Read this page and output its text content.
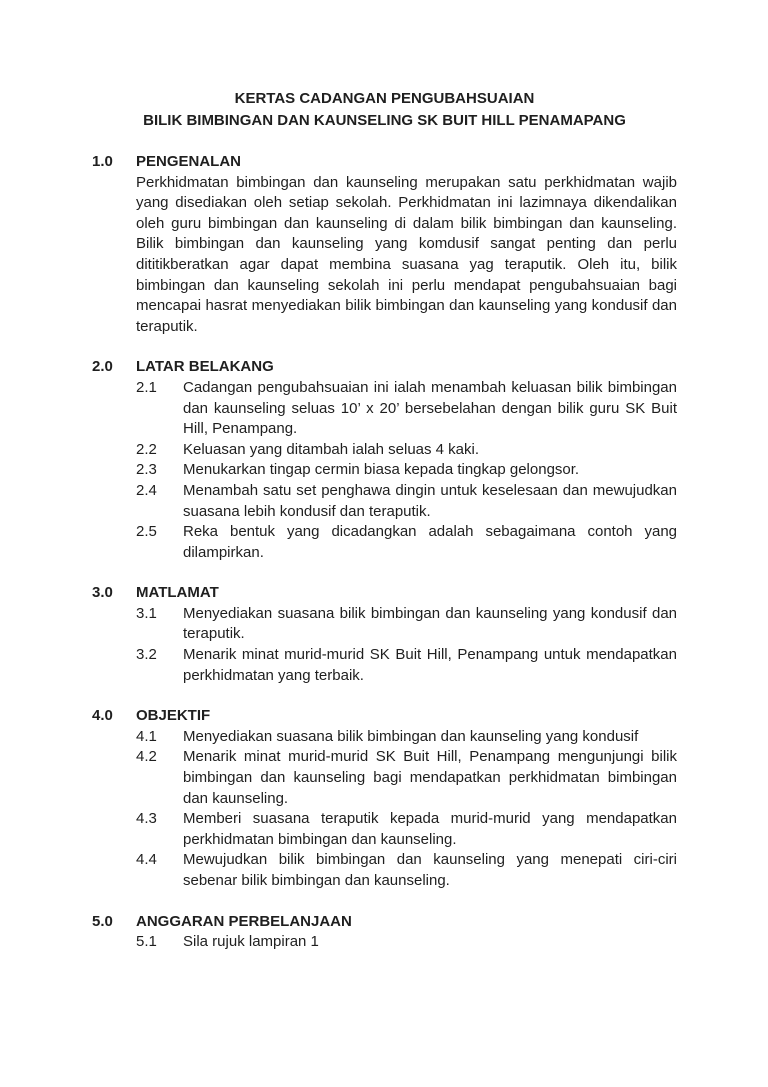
KERTAS CADANGAN PENGUBAHSUAIAN
BILIK BIMBINGAN DAN KAUNSELING SK BUIT HILL PENAMAPANG
1.0	PENGENALAN

Perkhidmatan bimbingan dan kaunseling merupakan satu perkhidmatan wajib yang disediakan oleh setiap sekolah. Perkhidmatan ini lazimnaya dikendalikan oleh guru bimbingan dan kaunseling di dalam bilik bimbingan dan kaunseling. Bilik bimbingan dan kaunseling yang komdusif sangat penting dan perlu dititikberatkan agar dapat membina suasana yag teraputik. Oleh itu, bilik bimbingan dan kaunseling sekolah ini perlu mendapat pengubahsuaian bagi mencapai hasrat menyediakan bilik bimbingan dan kaunseling yang kondusif dan teraputik.

2.0	LATAR BELAKANG
2.1	Cadangan pengubahsuaian ini ialah menambah keluasan bilik bimbingan dan kaunseling seluas 10’ x 20’ bersebelahan dengan bilik guru SK Buit Hill, Penampang.

2.2	Keluasan yang ditambah ialah seluas 4 kaki.

2.3	Menukarkan tingap cermin biasa kepada tingkap gelongsor.

2.4	Menambah satu set penghawa dingin untuk keselesaan dan mewujudkan suasana lebih kondusif dan teraputik.

2.5	Reka bentuk yang dicadangkan adalah sebagaimana contoh yang dilampirkan.

3.0	MATLAMAT
3.1	Menyediakan suasana bilik bimbingan dan kaunseling yang kondusif dan teraputik.

3.2	Menarik minat murid-murid SK Buit Hill, Penampang untuk mendapatkan perkhidmatan yang terbaik.

4.0	OBJEKTIF
4.1	Menyediakan suasana bilik bimbingan dan kaunseling yang kondusif

4.2	Menarik minat murid-murid SK Buit Hill, Penampang mengunjungi bilik bimbingan dan kaunseling bagi mendapatkan perkhidmatan bimbingan dan kaunseling.

4.3	Memberi suasana teraputik kepada murid-murid yang mendapatkan perkhidmatan bimbingan dan kaunseling.

4.4	Mewujudkan bilik bimbingan dan kaunseling yang menepati ciri-ciri sebenar bilik bimbingan dan kaunseling.

5.0	ANGGARAN PERBELANJAAN
5.1	Sila rujuk lampiran 1
